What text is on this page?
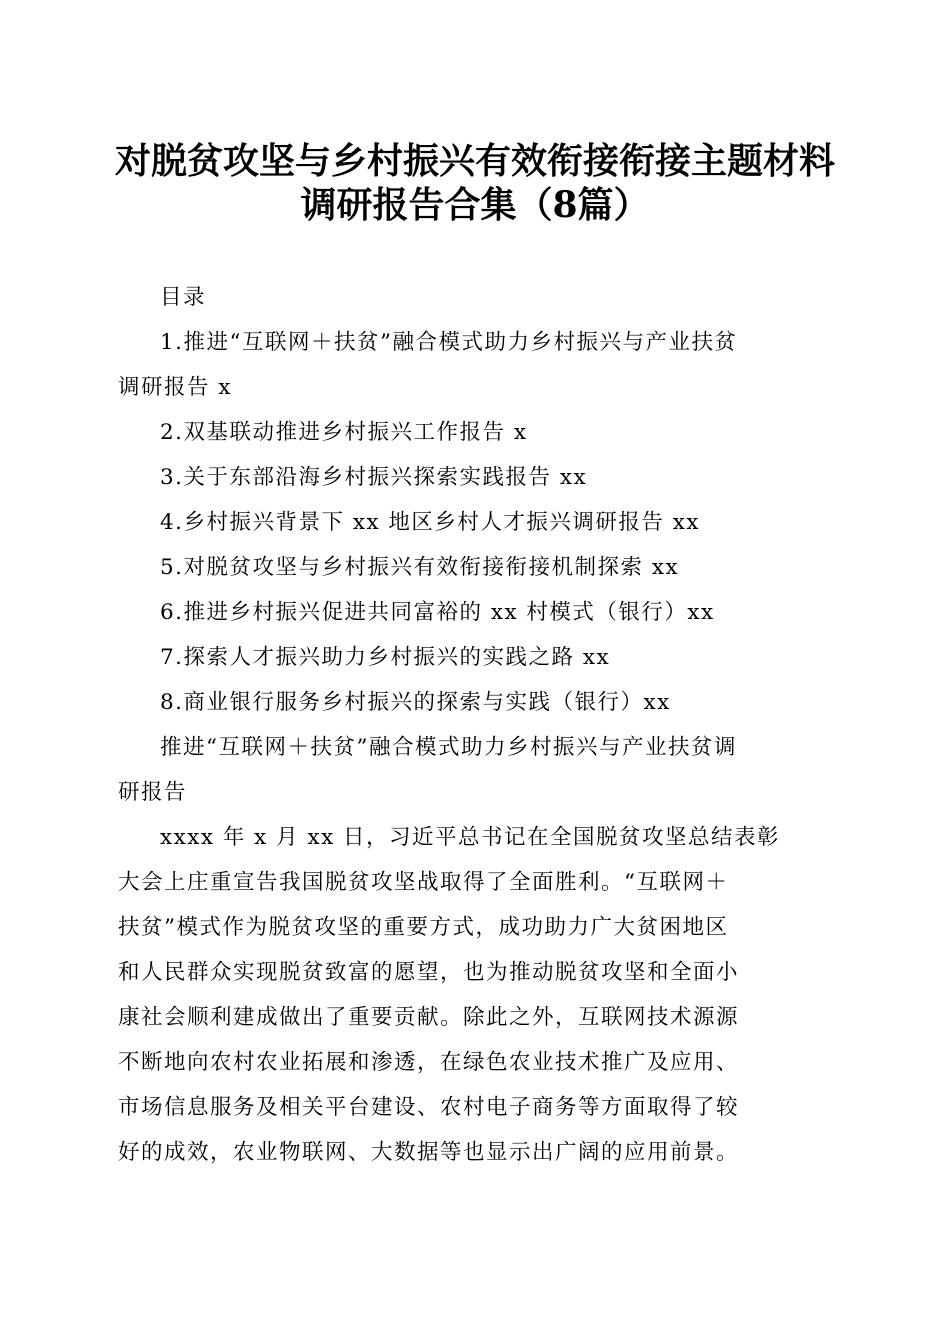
对脱贫攻坚与乡村振兴有效衔接衔接主题材料
调研报告合集（8篇）

目录

1.推进“互联网＋扶贫”融合模式助力乡村振兴与产业扶贫

调研报告 x

2.双基联动推进乡村振兴工作报告 x

3.关于东部沿海乡村振兴探索实践报告 xx

4.乡村振兴背景下 xx 地区乡村人才振兴调研报告 xx

5.对脱贫攻坚与乡村振兴有效衔接衔接机制探索 xx

6.推进乡村振兴促进共同富裕的 xx 村模式（银行）xx

7.探索人才振兴助力乡村振兴的实践之路 xx

8.商业银行服务乡村振兴的探索与实践（银行）xx

推进“互联网＋扶贫”融合模式助力乡村振兴与产业扶贫调

研报告

xxxx 年 x 月 xx 日，习近平总书记在全国脱贫攻坚总结表彰

大会上庄重宣告我国脱贫攻坚战取得了全面胜利。“互联网＋

扶贫”模式作为脱贫攻坚的重要方式，成功助力广大贫困地区

和人民群众实现脱贫致富的愿望，也为推动脱贫攻坚和全面小

康社会顺利建成做出了重要贡献。除此之外，互联网技术源源

不断地向农村农业拓展和渗透，在绿色农业技术推广及应用、

市场信息服务及相关平台建设、农村电子商务等方面取得了较

好的成效，农业物联网、大数据等也显示出广阔的应用前景。
